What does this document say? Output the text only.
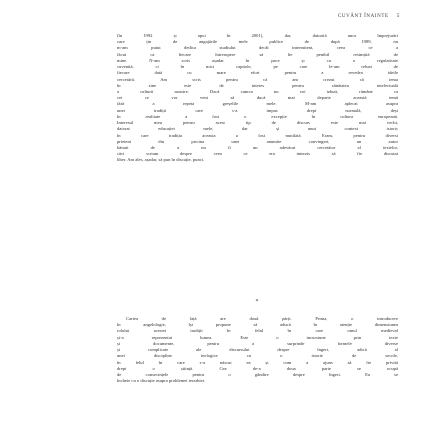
CUVÂNT ÎNAINTE 5
(în 1992 și apoi în 2001), dar, datorită unor împrejurări
care țin de angajările mele publice de după 1989, nu
m-am putut dedica studiului decât intermitent, ceea ce a
făcut ca fiecare întrerupere să fie penibil resimțită de
mine. N-am scris așadar în pace și cu o regularitate
cuvenită, ci în mici capitole, pe care le-am reluat de
fiecare dată cu mare efort pentru a revedea ideile
cercetării. Am scris pentru că am crezut că tema
în sine este de interes pentru sănătatea intelectuală
a culturii noastre. Dacă cumva nu voi izbuti, rămâne ca
cei ce vor veni să ducă mai departe această temă
fără a repeta greșelile mele. M-am aplecat asupra
unei tradiții care s-a impus drept normală, deși
în realitate a fost o excepție în cultura europeană.
Interesul meu pentru acest tip de discurs este mai vechi,
datorat educației mele, dar și unui context istoric
în care tradiția aceasta a fost mutilată. Eram, pentru diversi
prieteni din pricina unei anumite convingeri, un autor
bănuit de a nu fi un adevărat cercetător al textelor,
căci scriam despre ceea ce era interzis să fie discutat
liber. Am ales, așadar, să pun în discuție, punct.
*
Cartea de față are două părți. Prima, o introducere
în angelologie, își propune să aducă în atenție dimensiunea
rolului acestei tradiții în felul în care omul medieval
și-a reprezentat lumea. Este o incursiune prin texte
și documente, pentru a surprinde formele diverse
și complicate ale discursului despre îngeri, adică al
unei discipline teologice cu o istorie de secole,
în felul în care s-a născut ea și cum a ajuns să fie privită
drept o știință. Cea de-a doua parte se ocupă
de consecințele pentru o gândire despre îngeri. Ea se
încheie cu o discuție asupra problemei ierarhiei.
